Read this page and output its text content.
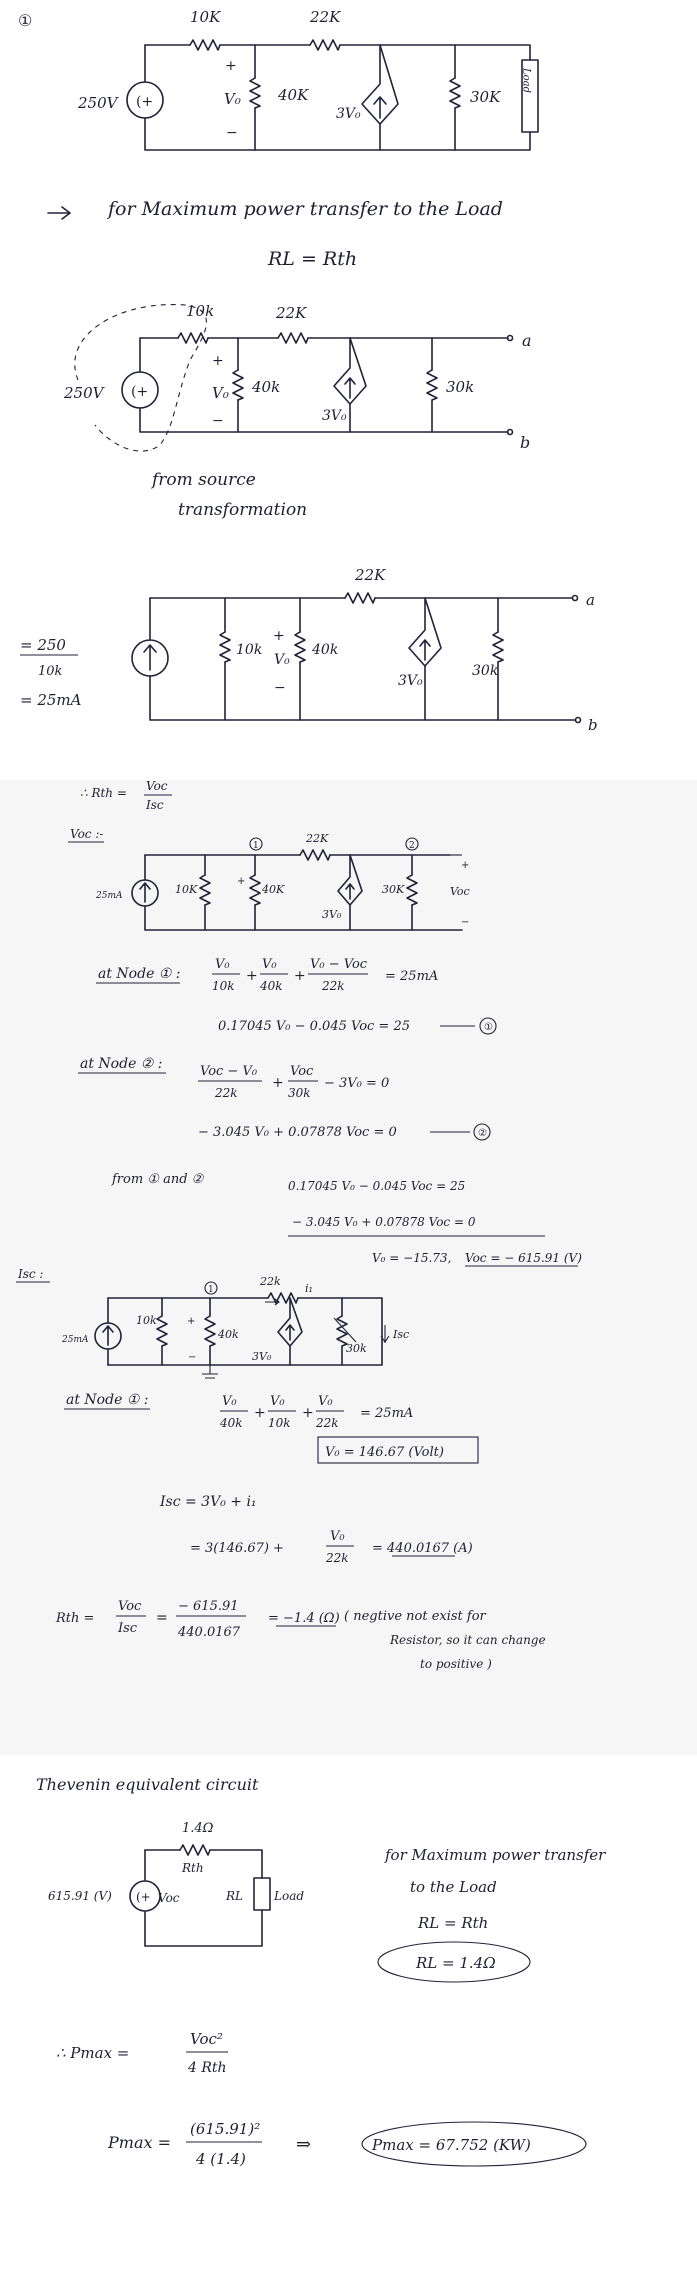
①
(+
+
−
10K	22K
250V	V₀ 40K
3V₀
30K
Load
for Maximum power transfer to the Load
RL = Rth
(+
+
−
10k	22K
250V	V₀ 40k
3V₀
30k
a
b
from source
transformation
+
−
22K
= 250
10k
= 25mA
10k
V₀
40k
3V₀
30k
a
b
∴ Rth = Voc
Isc
Voc :-
+
−
+
1	2
22K
25mA	10K	40K
3V₀
30K	Voc
at Node ① :
V₀
10k
+
V₀
40k
+
V₀ − Voc
22k
= 25mA
0.17045 V₀ − 0.045 Voc = 25	①
at Node ② :	Voc − V₀
22k
+
Voc
30k
− 3V₀ = 0
− 3.045 V₀ + 0.07878 Voc = 0	②
from ① and ②	0.17045 V₀ − 0.045 Voc = 25
− 3.045 V₀ + 0.07878 Voc = 0
V₀ = −15.73, Voc = − 615.91 (V)
Isc :
+
−
1
22k
i₁
25mA
10k
40k
3V₀
30k
Isc
at Node ① :	V₀
40k
+
V₀
10k
+
V₀
22k
= 25mA
V₀ = 146.67 (Volt)
Isc = 3V₀ + i₁
= 3(146.67) +
V₀
22k
= 440.0167 (A)
Rth =
Voc
Isc
=
− 615.91
440.0167
= −1.4 (Ω) ( negtive not exist for
Resistor, so it can change
to positive )
Thevenin equivalent circuit
(+
1.4Ω
Rth
615.91 (V)	Voc	RL	Load
for Maximum power transfer
to the Load
RL = Rth
RL = 1.4Ω
∴ Pmax =
Voc²
4 Rth
Pmax =
(615.91)²
4 (1.4)
⇒	Pmax = 67.752 (KW)
